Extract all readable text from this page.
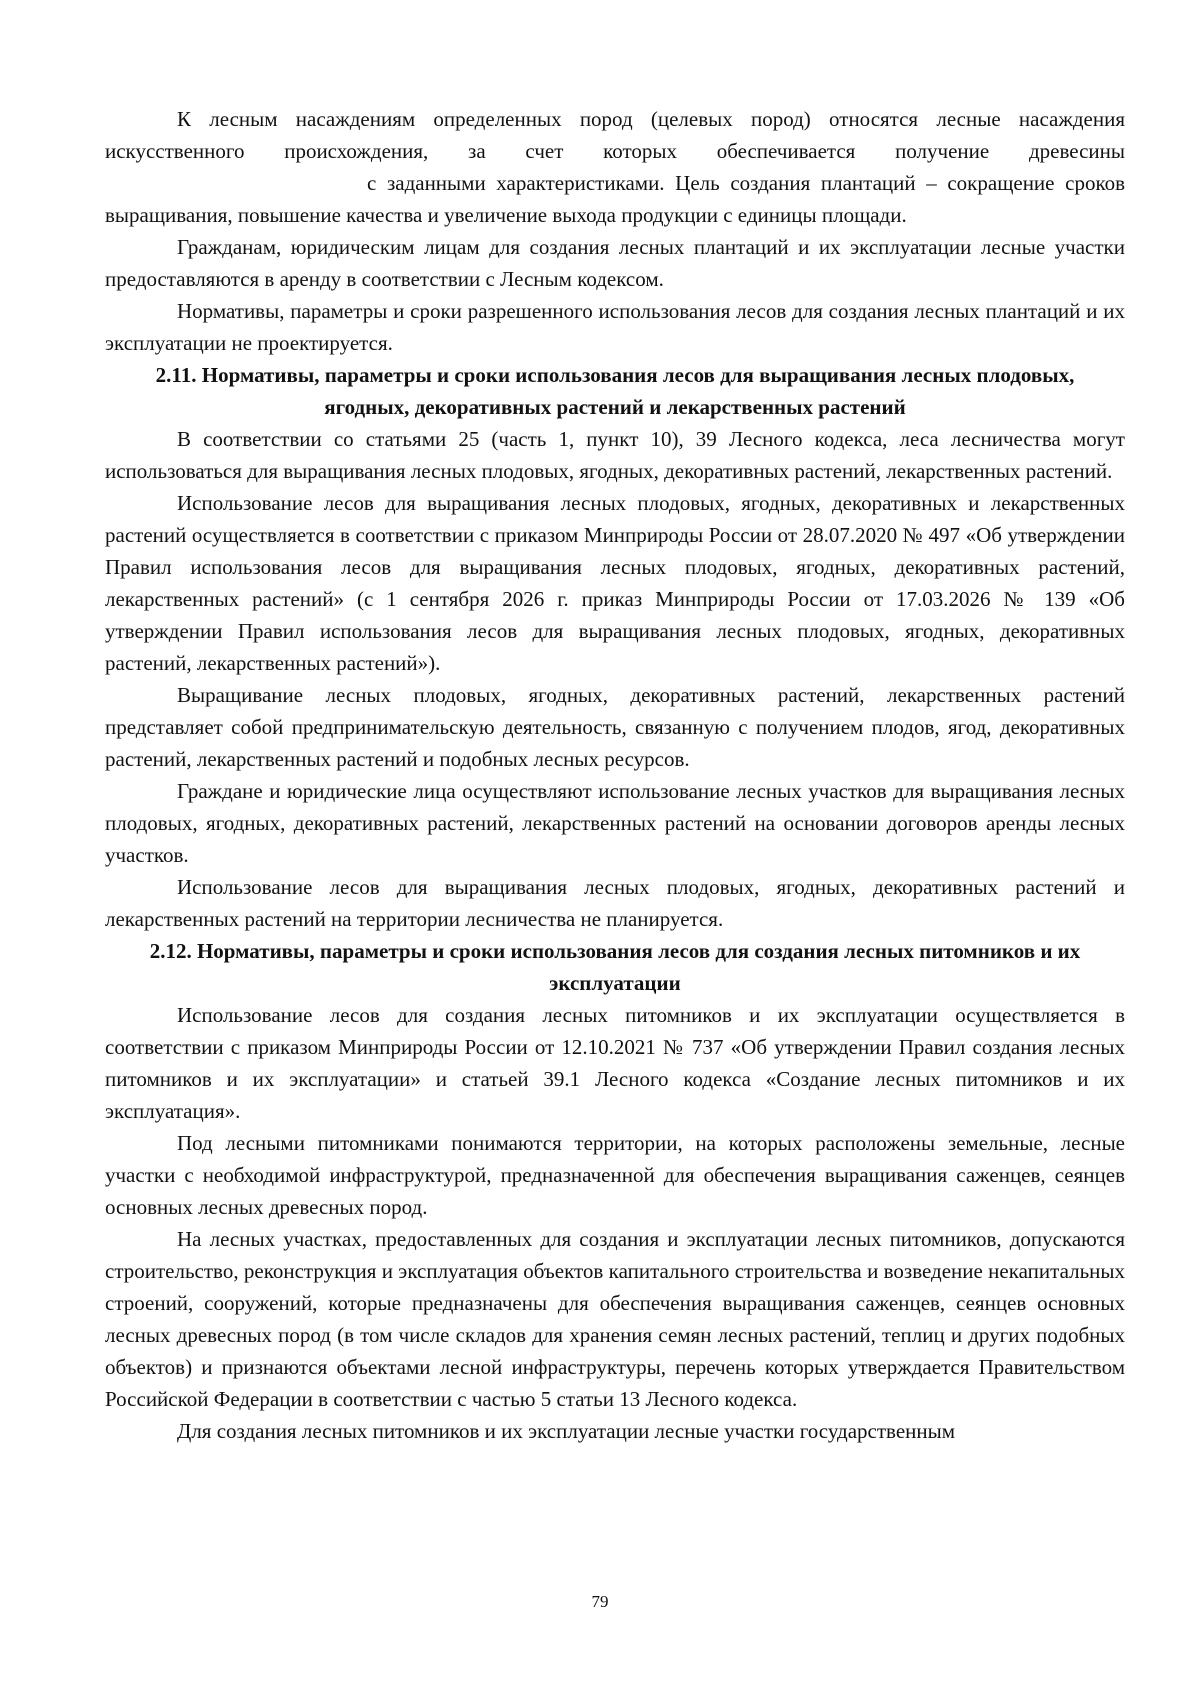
К лесным насаждениям определенных пород (целевых пород) относятся лесные насаждения искусственного происхождения, за счет которых обеспечивается получение древесиныс заданными характеристиками. Цель создания плантаций – сокращение сроков выращивания, повышение качества и увеличение выхода продукции с единицы площади.

Гражданам, юридическим лицам для создания лесных плантаций и их эксплуатации лесные участки предоставляются в аренду в соответствии с Лесным кодексом.

Нормативы, параметры и сроки разрешенного использования лесов для создания лесных плантаций и их эксплуатации не проектируется.

2.11. Нормативы, параметры и сроки использования лесов для выращивания лесных плодовых, ягодных, декоративных растений и лекарственных растений

В соответствии со статьями 25 (часть 1, пункт 10), 39 Лесного кодекса, леса лесничества могут использоваться для выращивания лесных плодовых, ягодных, декоративных растений, лекарственных растений.

Использование лесов для выращивания лесных плодовых, ягодных, декоративных и лекарственных растений осуществляется в соответствии с приказом Минприроды России от 28.07.2020 № 497 «Об утверждении Правил использования лесов для выращивания лесных плодовых, ягодных, декоративных растений, лекарственных растений» (с 1 сентября 2026 г. приказ Минприроды России от 17.03.2026 № 139 «Об утверждении Правил использования лесов для выращивания лесных плодовых, ягодных, декоративных растений, лекарственных растений»).

Выращивание лесных плодовых, ягодных, декоративных растений, лекарственных растений представляет собой предпринимательскую деятельность, связанную с получением плодов, ягод, декоративных растений, лекарственных растений и подобных лесных ресурсов.

Граждане и юридические лица осуществляют использование лесных участков для выращивания лесных плодовых, ягодных, декоративных растений, лекарственных растений на основании договоров аренды лесных участков.

Использование лесов для выращивания лесных плодовых, ягодных, декоративных растений и лекарственных растений на территории лесничества не планируется.

2.12. Нормативы, параметры и сроки использования лесов для создания лесных питомников и их эксплуатации

Использование лесов для создания лесных питомников и их эксплуатации осуществляется в соответствии с приказом Минприроды России от 12.10.2021 № 737 «Об утверждении Правил создания лесных питомников и их эксплуатации» и статьей 39.1 Лесного кодекса «Создание лесных питомников и их эксплуатация».

Под лесными питомниками понимаются территории, на которых расположены земельные, лесные участки с необходимой инфраструктурой, предназначенной для обеспечения выращивания саженцев, сеянцев основных лесных древесных пород.

На лесных участках, предоставленных для создания и эксплуатации лесных питомников, допускаются строительство, реконструкция и эксплуатация объектов капитального строительства и возведение некапитальных строений, сооружений, которые предназначены для обеспечения выращивания саженцев, сеянцев основных лесных древесных пород (в том числе складов для хранения семян лесных растений, теплиц и других подобных объектов) и признаются объектами лесной инфраструктуры, перечень которых утверждается Правительством Российской Федерации в соответствии с частью 5 статьи 13 Лесного кодекса.

Для создания лесных питомников и их эксплуатации лесные участки государственным

79
